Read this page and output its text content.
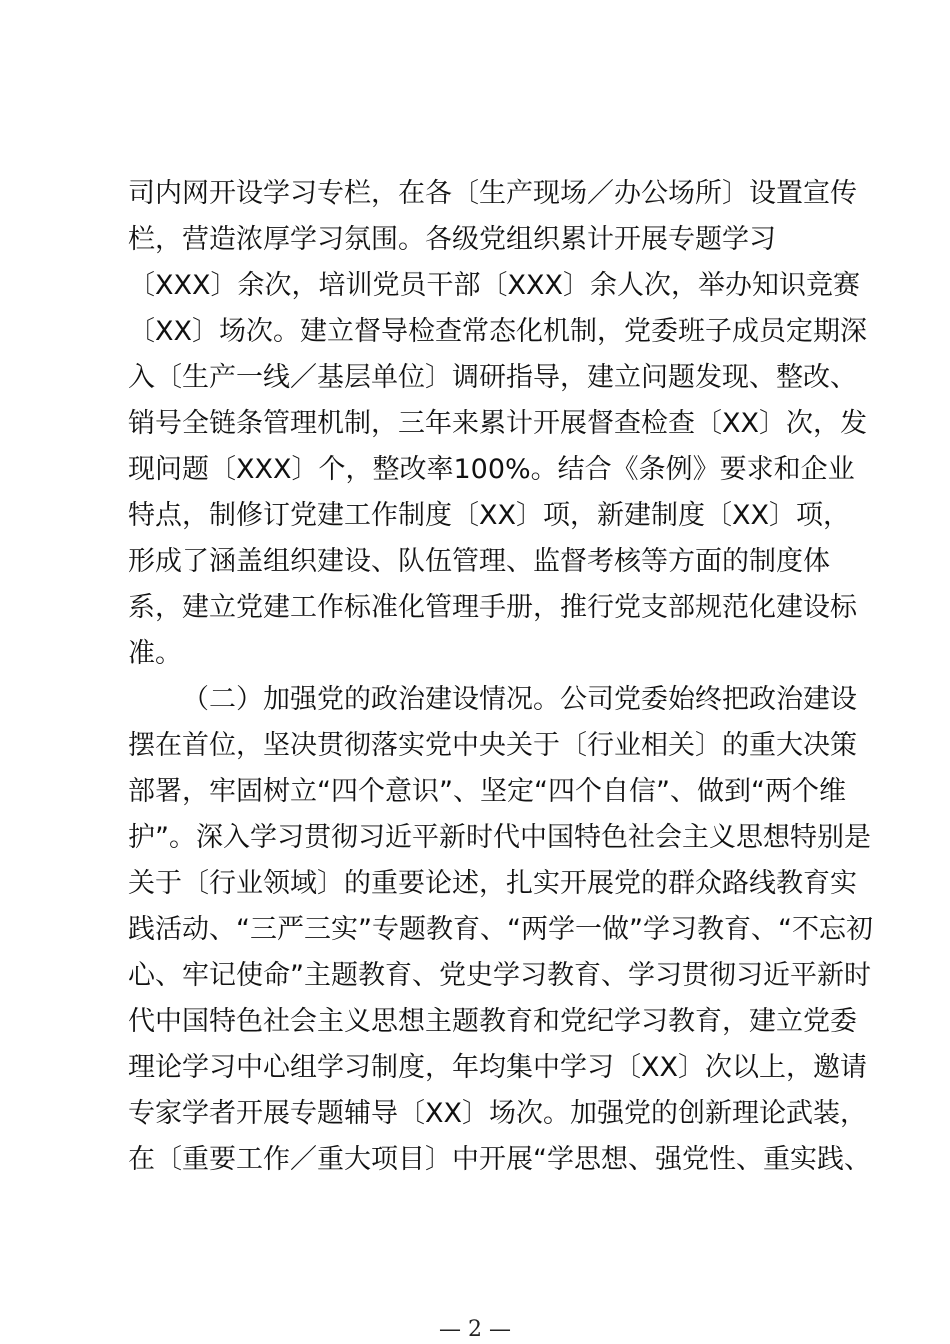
司内网开设学习专栏，在各〔生产现场／办公场所〕设置宣传
栏，营造浓厚学习氛围。各级党组织累计开展专题学习
〔XXX〕余次，培训党员干部〔XXX〕余人次，举办知识竞赛
〔XX〕场次。建立督导检查常态化机制，党委班子成员定期深
入〔生产一线／基层单位〕调研指导，建立问题发现、整改、
销号全链条管理机制，三年来累计开展督查检查〔XX〕次，发
现问题〔XXX〕个，整改率100%。结合《条例》要求和企业
特点，制修订党建工作制度〔XX〕项，新建制度〔XX〕项，
形成了涵盖组织建设、队伍管理、监督考核等方面的制度体
系，建立党建工作标准化管理手册，推行党支部规范化建设标
准。
（二）加强党的政治建设情况。公司党委始终把政治建设
摆在首位，坚决贯彻落实党中央关于〔行业相关〕的重大决策
部署，牢固树立“四个意识”、坚定“四个自信”、做到“两个维
护”。深入学习贯彻习近平新时代中国特色社会主义思想特别是
关于〔行业领域〕的重要论述，扎实开展党的群众路线教育实
践活动、“三严三实”专题教育、“两学一做”学习教育、“不忘初
心、牢记使命”主题教育、党史学习教育、学习贯彻习近平新时
代中国特色社会主义思想主题教育和党纪学习教育，建立党委
理论学习中心组学习制度，年均集中学习〔XX〕次以上，邀请
专家学者开展专题辅导〔XX〕场次。加强党的创新理论武装，
在〔重要工作／重大项目〕中开展“学思想、强党性、重实践、
— 2 —
